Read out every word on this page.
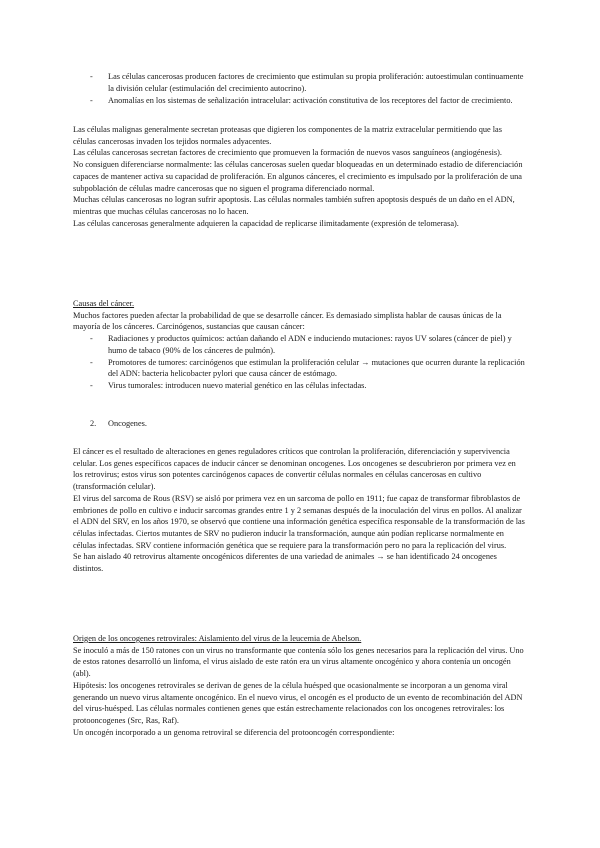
- Las células cancerosas producen factores de crecimiento que estimulan su propia proliferación: autoestimulan continuamente la división celular (estimulación del crecimiento autocrino).

- Anomalías en los sistemas de señalización intracelular: activación constitutiva de los receptores del factor de crecimiento.

Las células malignas generalmente secretan proteasas que digieren los componentes de la matriz extracelular permitiendo que las células cancerosas invaden los tejidos normales adyacentes.

Las células cancerosas secretan factores de crecimiento que promueven la formación de nuevos vasos sanguíneos (angiogénesis).

No consiguen diferenciarse normalmente: las células cancerosas suelen quedar bloqueadas en un determinado estadio de diferenciación capaces de mantener activa su capacidad de proliferación. En algunos cánceres, el crecimiento es impulsado por la proliferación de una subpoblación de células madre cancerosas que no siguen el programa diferenciado normal.

Muchas células cancerosas no logran sufrir apoptosis. Las células normales también sufren apoptosis después de un daño en el ADN, mientras que muchas células cancerosas no lo hacen.

Las células cancerosas generalmente adquieren la capacidad de replicarse ilimitadamente (expresión de telomerasa).

Causas del cáncer.

Muchos factores pueden afectar la probabilidad de que se desarrolle cáncer. Es demasiado simplista hablar de causas únicas de la mayoría de los cánceres. Carcinógenos, sustancias que causan cáncer:

- Radiaciones y productos químicos: actúan dañando el ADN e induciendo mutaciones: rayos UV solares (cáncer de piel) y humo de tabaco (90% de los cánceres de pulmón).

- Promotores de tumores: carcinógenos que estimulan la proliferación celular → mutaciones que ocurren durante la replicación del ADN: bacteria helicobacter pylori que causa cáncer de estómago.

- Virus tumorales: introducen nuevo material genético en las células infectadas.

2. Oncogenes.

El cáncer es el resultado de alteraciones en genes reguladores críticos que controlan la proliferación, diferenciación y supervivencia celular. Los genes específicos capaces de inducir cáncer se denominan oncogenes. Los oncogenes se descubrieron por primera vez en los retrovirus; estos virus son potentes carcinógenos capaces de convertir células normales en células cancerosas en cultivo (transformación celular).

El virus del sarcoma de Rous (RSV) se aisló por primera vez en un sarcoma de pollo en 1911; fue capaz de transformar fibroblastos de embriones de pollo en cultivo e inducir sarcomas grandes entre 1 y 2 semanas después de la inoculación del virus en pollos. Al analizar el ADN del SRV, en los años 1970, se observó que contiene una información genética específica responsable de la transformación de las células infectadas. Ciertos mutantes de SRV no pudieron inducir la transformación, aunque aún podían replicarse normalmente en células infectadas. SRV contiene información genética que se requiere para la transformación pero no para la replicación del virus.

Se han aislado 40 retrovirus altamente oncogénicos diferentes de una variedad de animales → se han identificado 24 oncogenes distintos.

Origen de los oncogenes retrovirales: Aislamiento del virus de la leucemia de Abelson.

Se inoculó a más de 150 ratones con un virus no transformante que contenía sólo los genes necesarios para la replicación del virus. Uno de estos ratones desarrolló un linfoma, el virus aislado de este ratón era un virus altamente oncogénico y ahora contenía un oncogén (abl).

Hipótesis: los oncogenes retrovirales se derivan de genes de la célula huésped que ocasionalmente se incorporan a un genoma viral generando un nuevo virus altamente oncogénico. En el nuevo virus, el oncogén es el producto de un evento de recombinación del ADN del virus-huésped. Las células normales contienen genes que están estrechamente relacionados con los oncogenes retrovirales: los protooncogenes (Src, Ras, Raf).

Un oncogén incorporado a un genoma retroviral se diferencia del protooncogén correspondiente:
